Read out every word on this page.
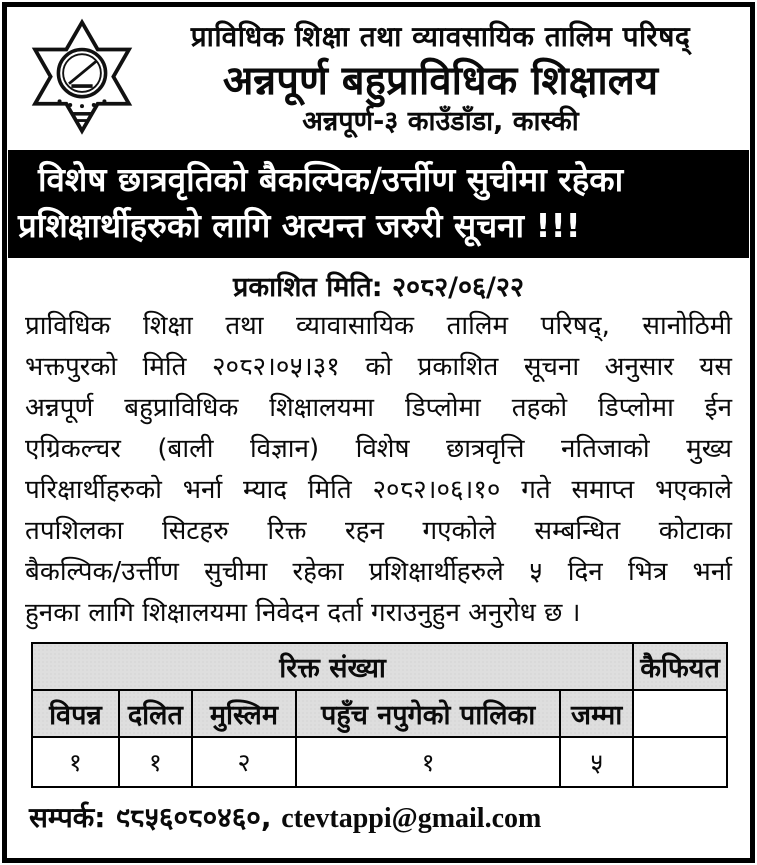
प्राविधिक शिक्षा तथा व्यावसायिक तालिम परिषद्
अन्नपूर्ण बहुप्राविधिक शिक्षालय
अन्नपूर्ण-३ काउँडाँडा, कास्की
विशेष छात्रवृतिको बैकल्पिक/उर्त्तीण सुचीमा रहेका
प्रशिक्षार्थीहरुको लागि अत्यन्त जरुरी सूचना !!!
प्रकाशित मिति: २०८२/०६/२२
प्राविधिक शिक्षा तथा व्यावासायिक तालिम परिषद्, सानोठिमी
भक्तपुरको मिति २०८२।०५।३१ को प्रकाशित सूचना अनुसार यस
अन्नपूर्ण बहुप्राविधिक शिक्षालयमा डिप्लोमा तहको डिप्लोमा ईन
एग्रिकल्चर (बाली विज्ञान) विशेष छात्रवृत्ति नतिजाको मुख्य
परिक्षार्थीहरुको भर्ना म्याद मिति २०८२।०६।१० गते समाप्त भएकाले
तपशिलका सिटहरु रिक्त रहन गएकोले सम्बन्धित कोटाका
बैकल्पिक/उर्त्तीण सुचीमा रहेका प्रशिक्षार्थीहरुले ५ दिन भित्र भर्ना
हुनका लागि शिक्षालयमा निवेदन दर्ता गराउनुहुन अनुरोध छ ।
रिक्त संख्या					कैफियत
विपन्न	दलित	मुस्लिम	पहुँच नपुगेको पालिका	जम्मा	
१	१	२	१	५	
सम्पर्क: ९८५६०८०४६०, ctevtappi@gmail.com
